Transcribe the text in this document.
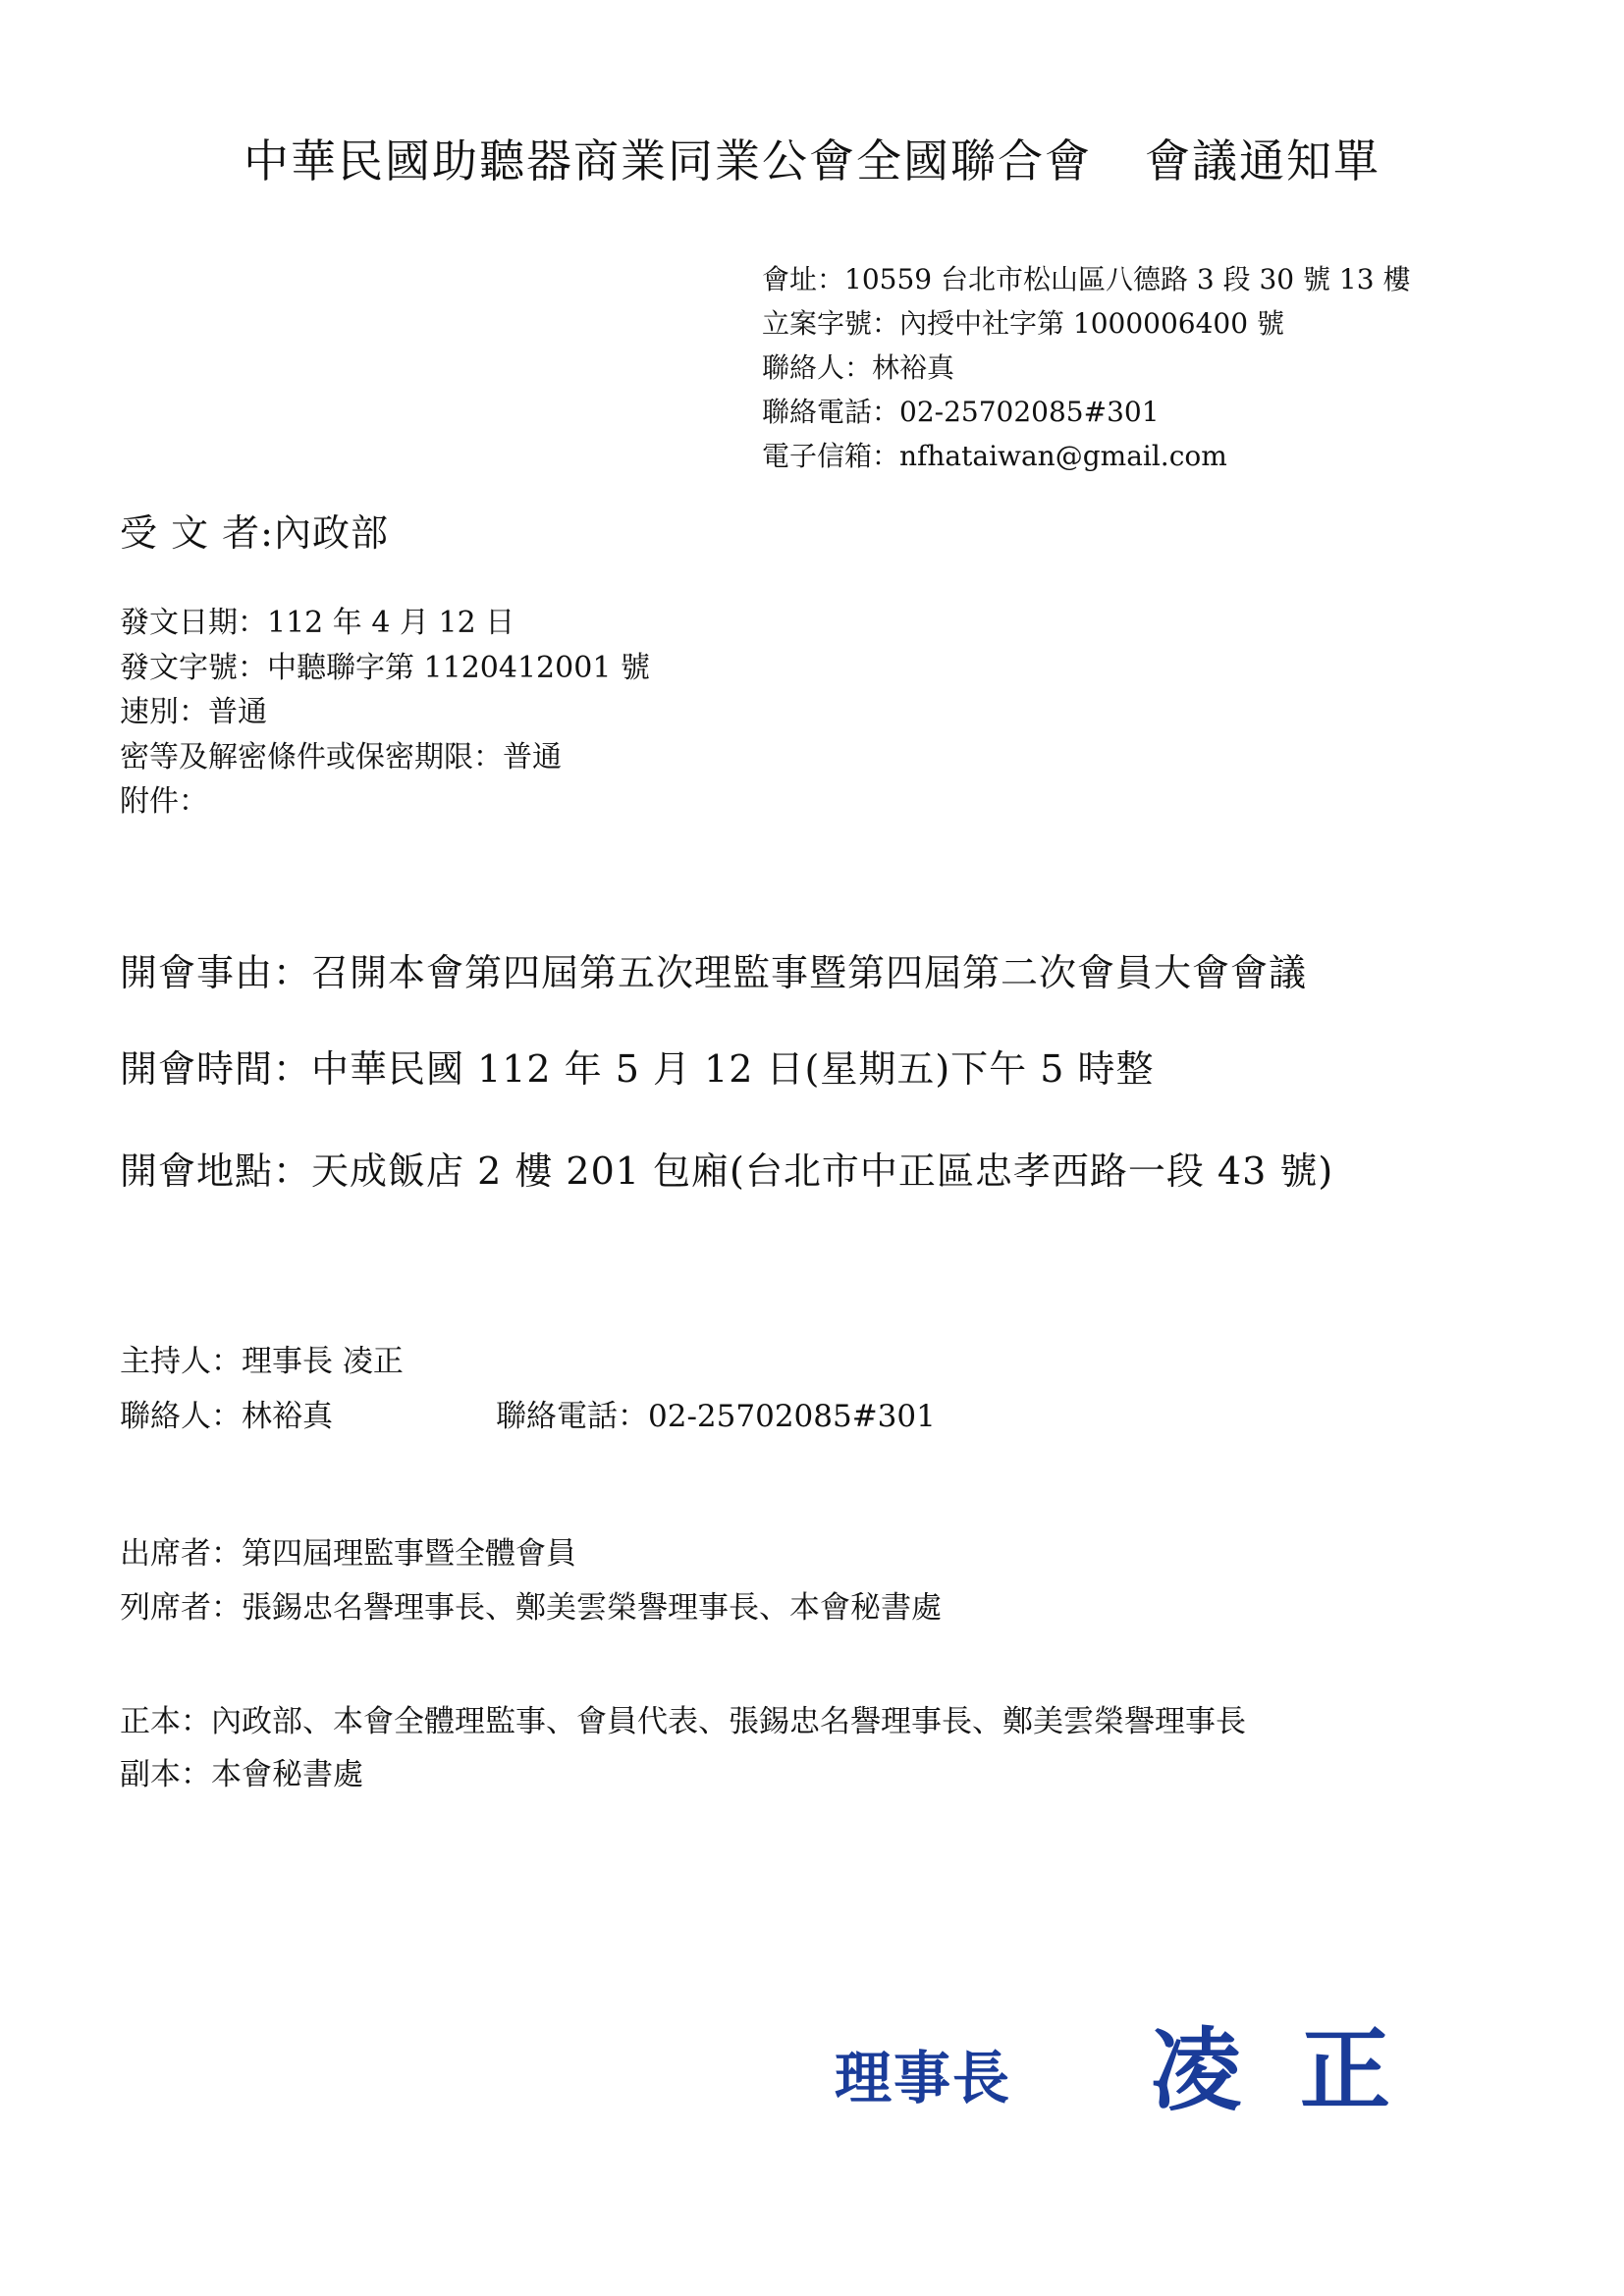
中華民國助聽器商業同業公會全國聯合會 會議通知單
會址：10559 台北市松山區八德路 3 段 30 號 13 樓
立案字號：內授中社字第 1000006400 號
聯絡人：林裕真
聯絡電話：02-25702085#301
電子信箱：nfhataiwan@gmail.com
受 文 者:內政部
發文日期：112 年 4 月 12 日
發文字號：中聽聯字第 1120412001 號
速別：普通
密等及解密條件或保密期限：普通
附件：
開會事由：召開本會第四屆第五次理監事暨第四屆第二次會員大會會議
開會時間：中華民國 112 年 5 月 12 日(星期五)下午 5 時整
開會地點：天成飯店 2 樓 201 包廂(台北市中正區忠孝西路一段 43 號)
主持人：理事長 凌正
聯絡人：林裕真	聯絡電話：02-25702085#301
出席者：第四屆理監事暨全體會員
列席者：張錫忠名譽理事長、鄭美雲榮譽理事長、本會秘書處
正本：內政部、本會全體理監事、會員代表、張錫忠名譽理事長、鄭美雲榮譽理事長
副本：本會秘書處
理事長 凌正
